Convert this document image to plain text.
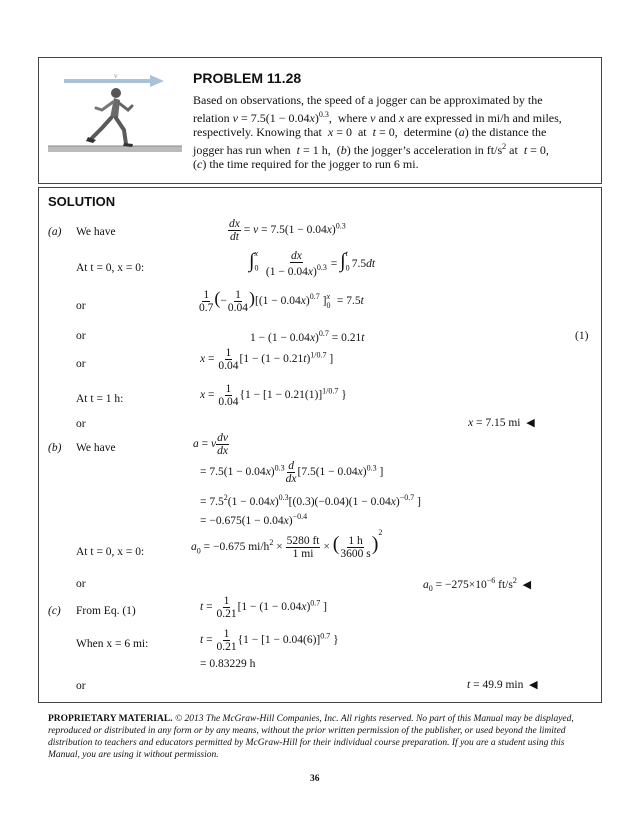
v	PROBLEM 11.28
Based on observations, the speed of a jogger can be approximated by the
relation $v = 7.5(1 - 0.04x)^{0.3}$,  where v and x are expressed in mi/h and miles,
respectively. Knowing that  x = 0  at  t = 0,  determine (a) the distance the
jogger has run when  t = 1 h,  (b) the jogger’s acceleration in $ft/s^2$ at  t = 0,
(c) the time required for the jogger to run 6 mi.
SOLUTION
(a) We have	$\frac{dx}{dt} = v = 7.5(1 - 0.04x)^{0.3}$
At t = 0, x = 0:	$\int_0^x \frac{dx}{(1 - 0.04x)^{0.3}} = \int_0^t7.5dt$
or	$\frac{1}{0.7}$ (− $\frac{1}{0.04} )[(1 - 0.04x)^{0.7}$ ]$_0^x = 7.5t$
or	$1 - (1 - 0.04x)^{0.7} = 0.21t$	(1)
or	$x = \frac{1}{0.04} [1 - (1 - 0.21t)^{1/0.7}$ ]
At t = 1 h:	$x = \frac{1}{0.04} \{1 - [1 - 0.21(1)]^{1/0.7}$ }
or	x = 7.15 mi  ◀
(b) We have	a = v $\frac{dv}{dx}$
= $7.5(1 - 0.04x)^{0.3} \frac{d}{dx} [7.5(1 - 0.04x)^{0.3}$ ]
= $7.5^2(1 - 0.04x)^{0.3}[(0.3)(-0.04)(1 - 0.04x)^{-0.7}$ ]
= $-0.675(1 - 0.04x)^{-0.4}$
At t = 0, x = 0:	$a_0 = -0.675$ $mi/h^2 \times \frac{5280 ft}{1 mi}$ × ( $\frac{1 h}{3600 s} )^2$
or	$a_0 = -275\times 10^{-6}$ $ft/s^2$ ◀
(c) From Eq. (1)	$t = \frac{1}{0.21} [1 - (1 - 0.04x)^{0.7}$ ]
When x = 6 mi:	$t = \frac{1}{0.21} \{1 - [1 - 0.04(6)]^{0.7}$ }
= 0.83229 h
or	t = 49.9 min  ◀
PROPRIETARY MATERIAL. © 2013 The McGraw-Hill Companies, Inc. All rights reserved. No part of this Manual may be displayed, reproduced or distributed in any form or by any means, without the prior written permission of the publisher, or used beyond the limited distribution to teachers and educators permitted by McGraw-Hill for their individual course preparation. If you are a student using this Manual, you are using it without permission.
36
